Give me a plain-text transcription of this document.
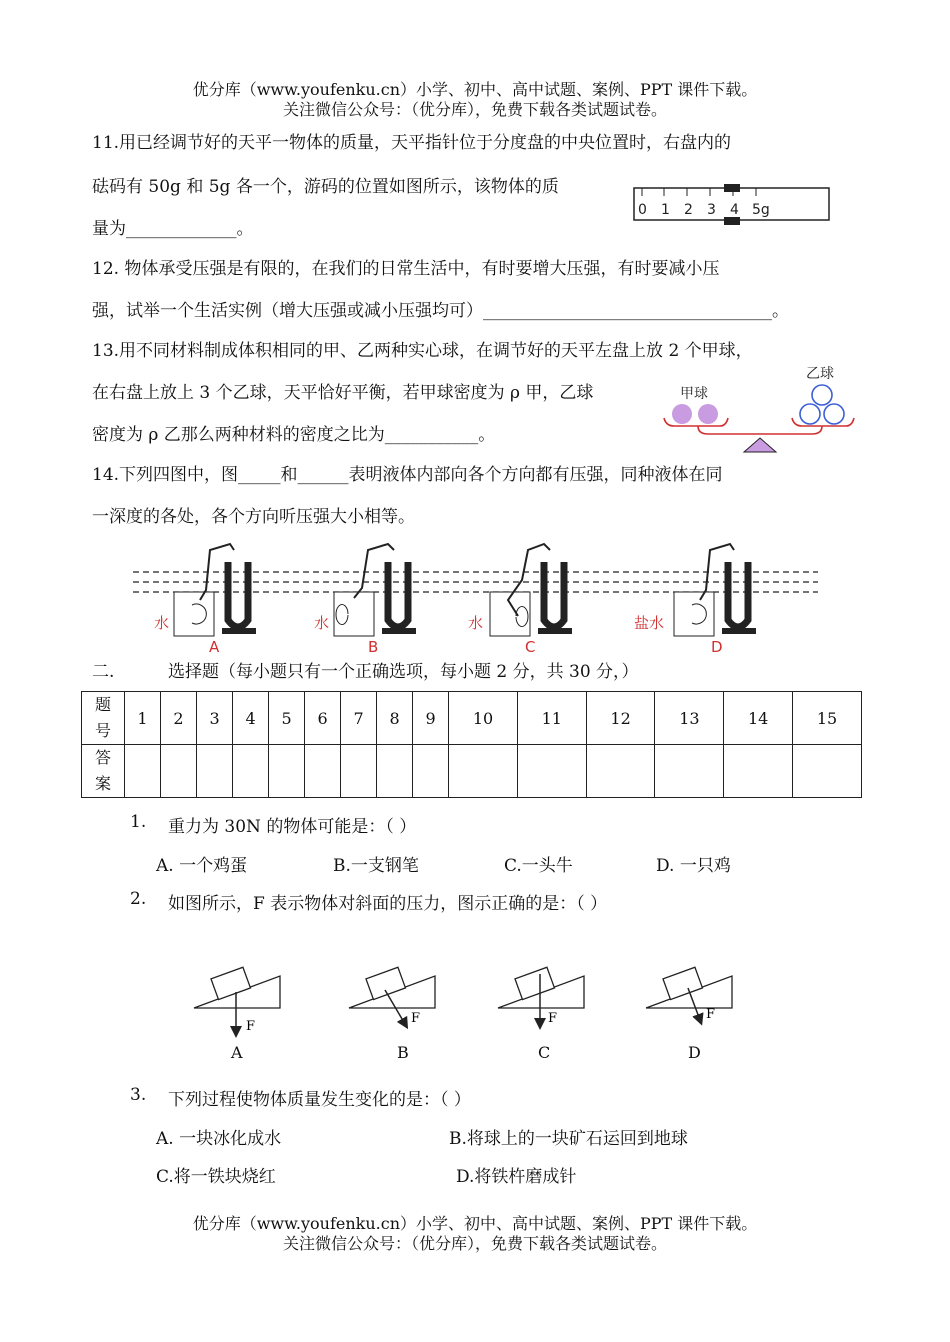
优分库（www.youfenku.cn）小学、初中、高中试题、案例、PPT 课件下载。
关注微信公众号：（优分库），免费下载各类试题试卷。
11.用已经调节好的天平一物体的质量，天平指针位于分度盘的中央位置时，右盘内的
砝码有 50g 和 5g 各一个，游码的位置如图所示，该物体的质
量为_____________。
0 1 2 3 4 5g
12. 物体承受压强是有限的，在我们的日常生活中，有时要增大压强，有时要减小压
强，试举一个生活实例（增大压强或减小压强均可）__________________________________。
13.用不同材料制成体积相同的甲、乙两种实心球，在调节好的天平左盘上放 2 个甲球，
在右盘上放上 3 个乙球，天平恰好平衡，若甲球密度为 ρ 甲，乙球
密度为 ρ 乙那么两种材料的密度之比为___________。
甲球
乙球
14.下列四图中，图_____和______表明液体内部向各个方向都有压强，同种液体在同
一深度的各处，各个方向听压强大小相等。
水	水	水	盐水
A	B	C	D
二.	选择题（每小题只有一个正确选项，每小题 2 分，共 30 分，）
题
号	1	2	3	4	5	6	7	8	9	10	11	12	13	14	15
答
案															
1. 重力为 30N 的物体可能是：（ ）
A. 一个鸡蛋	B.一支钢笔	C.一头牛	D. 一只鸡
2. 如图所示，F 表示物体对斜面的压力，图示正确的是：（ ）
F
F	F	F
A	B	C	D
3. 下列过程使物体质量发生变化的是：（ ）
A. 一块冰化成水	B.将球上的一块矿石运回到地球
C.将一铁块烧红	D.将铁杵磨成针
优分库（www.youfenku.cn）小学、初中、高中试题、案例、PPT 课件下载。
关注微信公众号：（优分库），免费下载各类试题试卷。
